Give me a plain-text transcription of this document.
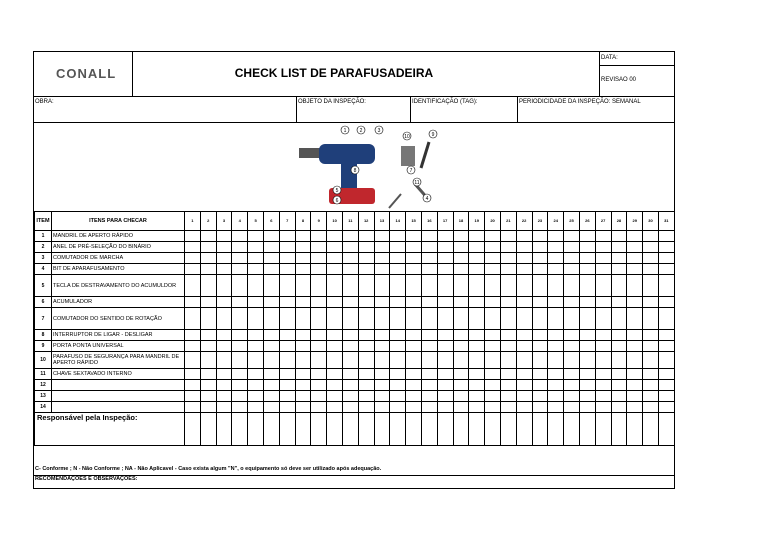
CONALL	CHECK LIST DE PARAFUSADEIRA
DATA:
REVISAO 00
OBRA:	OBJETO DA INSPEÇÃO:	IDENTIFICAÇÃO (TAG):	PERIODICIDADE DA INSPEÇÃO: SEMANAL
1	2	3
4
5
6
7
8
9
10
11
ITEM	ITENS PARA CHECAR	1	2	3	4	5	6	7	8	9	10	11	12	13	14	15	16	17	18	19	20	21	22	23	24	25	26	27	28	29	30	31
1	MANDRIL DE APERTO RÁPIDO																															
2	ANEL DE PRÉ-SELEÇÃO DO BINÁRIO																															
3	COMUTADOR DE MARCHA																															
4	BIT DE APARAFUSAMENTO																															
5	TECLA DE DESTRAVAMENTO DO ACUMULDOR																															
6	ACUMULADOR																															
7	COMUTADOR DO SENTIDO DE ROTAÇÃO																															
8	INTERRUPTOR DE LIGAR - DESLIGAR																															
9	PORTA PONTA UNIVERSAL																															
10	PARAFUSO DE SEGURANÇA PARA MANDRIL DE APERTO RÁPIDO																															
11	CHAVE SEXTAVADO INTERNO																															
12																																
13																																
14																																
Responsável pela Inspeção:																																
C- Conforme ; N - Não Conforme ; NA - Não Aplicavel - Caso exista algum "N", o equipamento só deve ser utilizado após adequação.
RECOMENDAÇÕES E OBSERVAÇÕES:
